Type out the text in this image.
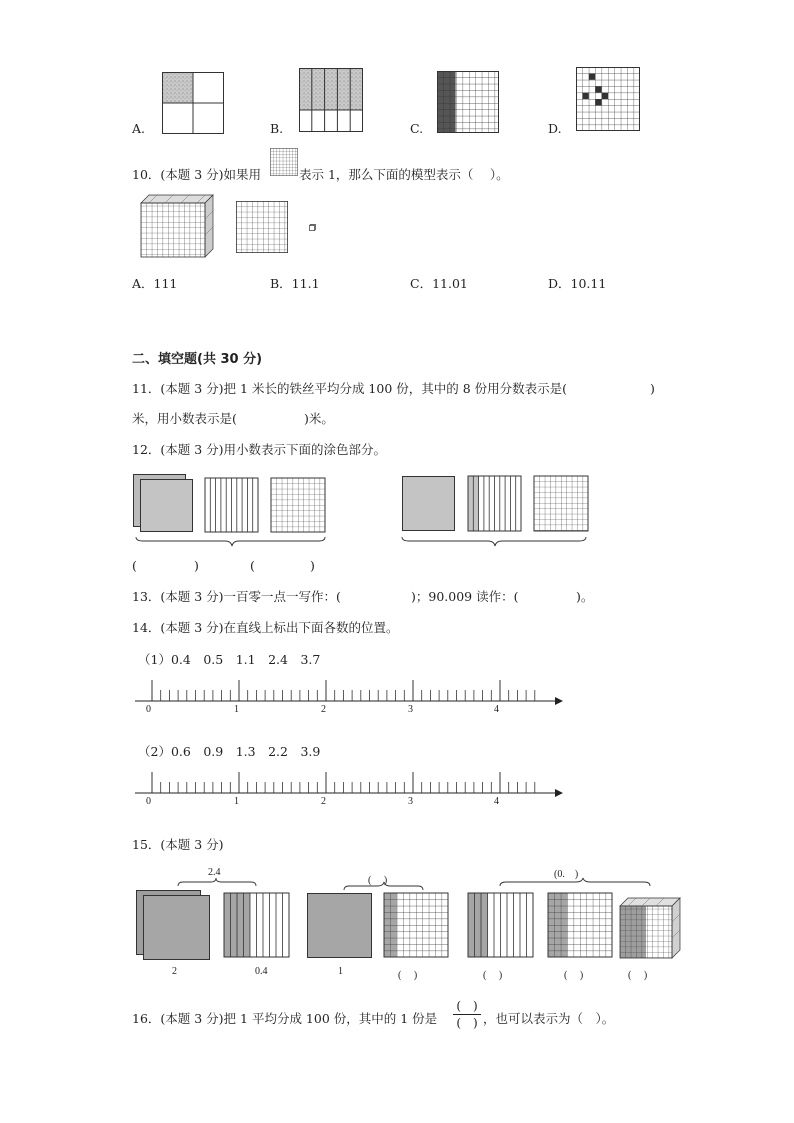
A.	B.	C.	D.
10．(本题 3 分)如果用	表示 1，那么下面的模型表示（　 ）。
A．111	B．11.1	C．11.01	D．10.11
二、填空题(共 30 分)
11．(本题 3 分)把 1 米长的铁丝平均分成 100 份，其中的 8 份用分数表示是(	)
米，用小数表示是(	)米。
12．(本题 3 分)用小数表示下面的涂色部分。
(	)	(	)
13．(本题 3 分)一百零一点一写作：(	)；90.009 读作：(	)。
14．(本题 3 分)在直线上标出下面各数的位置。
（1）0.4　0.5　1.1　2.4　3.7
0	1	2	3	4
（2）0.6　0.9　1.3　2.2　3.9
0	1	2	3	4
15．(本题 3 分)
2.4
(　 )
(0.　)
2	0.4	1	(　 )	(　 )	(　 )	(　 )
16．(本题 3 分)把 1 平均分成 100 份，其中的 1 份是
(　)
(　) ，也可以表示为（　）。
